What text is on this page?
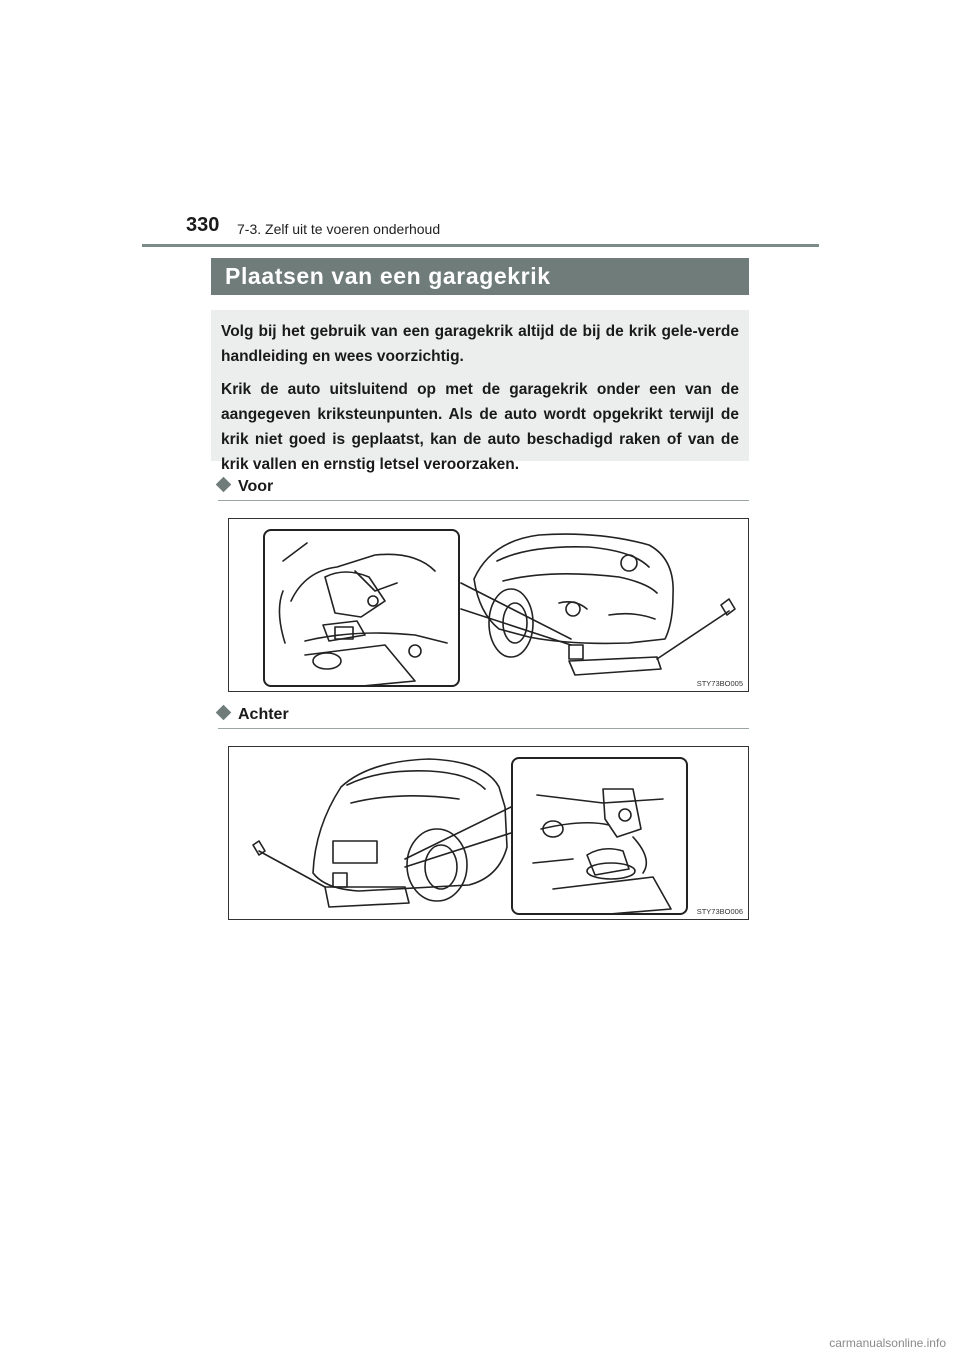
330 7-3. Zelf uit te voeren onderhoud
Plaatsen van een garagekrik

Volg bij het gebruik van een garagekrik altijd de bij de krik gele-verde handleiding en wees voorzichtig.

Krik de auto uitsluitend op met de garagekrik onder een van de aangegeven kriksteunpunten. Als de auto wordt opgekrikt terwijl de krik niet goed is geplaatst, kan de auto beschadigd raken of van de krik vallen en ernstig letsel veroorzaken.

Voor
STY73BO005
Achter
STY73BO006
carmanualsonline.info
